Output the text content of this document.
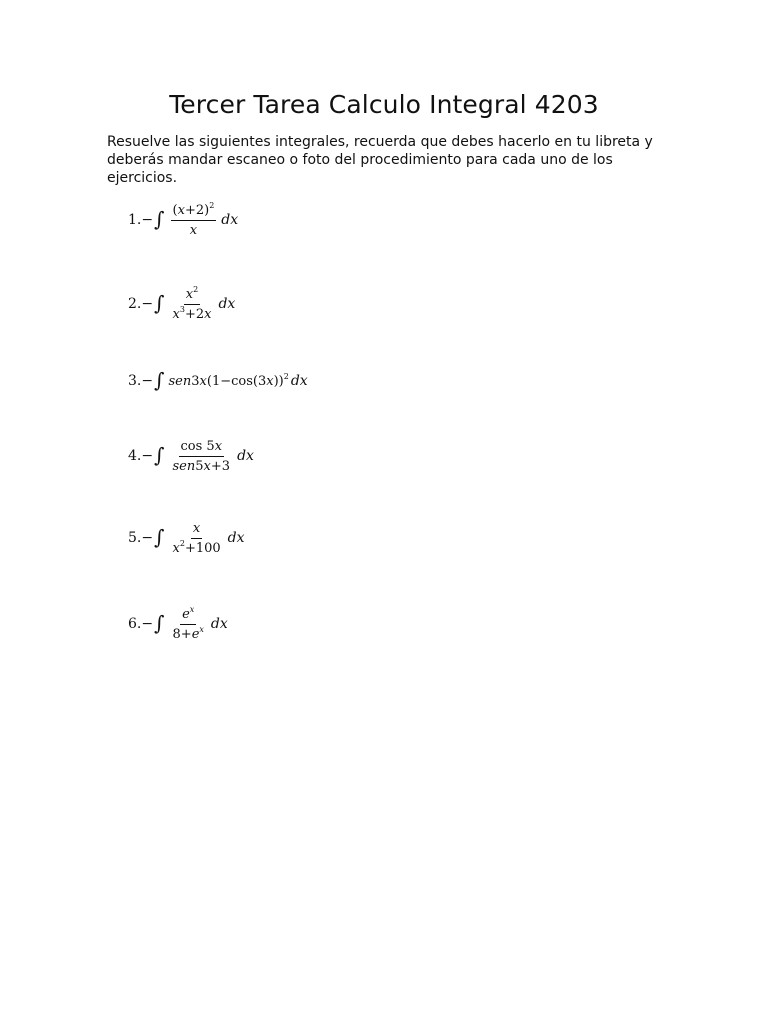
Tercer Tarea Calculo Integral 4203

Resuelve las siguientes integrales, recuerda que debes hacerlo en tu libreta y deberás mandar escaneo o foto del procedimiento para cada uno de los ejercicios.

1.− ∫ $\frac{(x+2)^2}{x}$ dx
2.− ∫ $\frac{x^2}{x^3+2x}$ dx
3.− ∫ $sen3x(1-\cos(3x))^2$ dx
4.− ∫ $\frac{\cos 5x}{\text{sen5x+3}}$ dx
5.− ∫ $\frac{x}{x^2+100}$ dx
6.− ∫ $\frac{e^x}{8+e^x}$ dx
